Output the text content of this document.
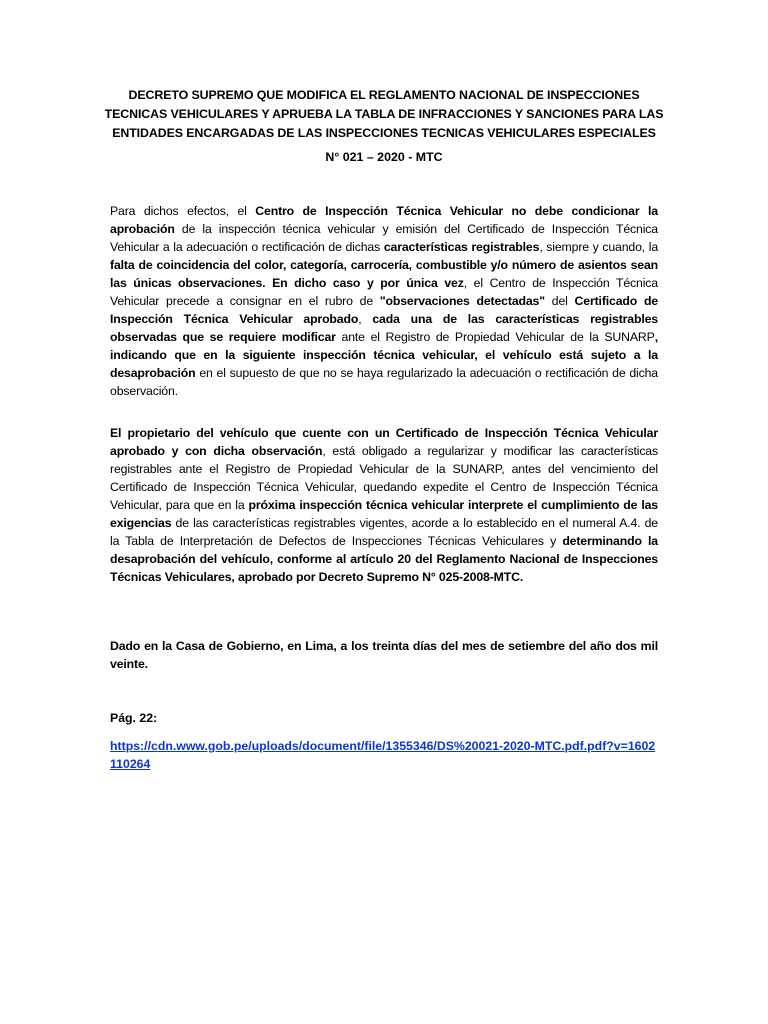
DECRETO SUPREMO QUE MODIFICA EL REGLAMENTO NACIONAL DE INSPECCIONES TECNICAS VEHICULARES Y APRUEBA LA TABLA DE INFRACCIONES Y SANCIONES PARA LAS ENTIDADES ENCARGADAS DE LAS INSPECCIONES TECNICAS VEHICULARES ESPECIALES
N° 021 – 2020 - MTC
Para dichos efectos, el Centro de Inspección Técnica Vehicular no debe condicionar la aprobación de la inspección técnica vehicular y emisión del Certificado de Inspección Técnica Vehicular a la adecuación o rectificación de dichas características registrables, siempre y cuando, la falta de coincidencia del color, categoría, carrocería, combustible y/o número de asientos sean las únicas observaciones. En dicho caso y por única vez, el Centro de Inspección Técnica Vehicular precede a consignar en el rubro de "observaciones detectadas" del Certificado de Inspección Técnica Vehicular aprobado, cada una de las características registrables observadas que se requiere modificar ante el Registro de Propiedad Vehicular de la SUNARP, indicando que en la siguiente inspección técnica vehicular, el vehículo está sujeto a la desaprobación en el supuesto de que no se haya regularizado la adecuación o rectificación de dicha observación.
El propietario del vehículo que cuente con un Certificado de Inspección Técnica Vehicular aprobado y con dicha observación, está obligado a regularizar y modificar las características registrables ante el Registro de Propiedad Vehicular de la SUNARP, antes del vencimiento del Certificado de Inspección Técnica Vehicular, quedando expedite el Centro de Inspección Técnica Vehicular, para que en la próxima inspección técnica vehicular interprete el cumplimiento de las exigencias de las características registrables vigentes, acorde a lo establecido en el numeral A.4. de la Tabla de Interpretación de Defectos de Inspecciones Técnicas Vehiculares y determinando la desaprobación del vehículo, conforme al artículo 20 del Reglamento Nacional de Inspecciones Técnicas Vehiculares, aprobado por Decreto Supremo N° 025-2008-MTC.
Dado en la Casa de Gobierno, en Lima, a los treinta días del mes de setiembre del año dos mil veinte.
Pág. 22:
https://cdn.www.gob.pe/uploads/document/file/1355346/DS%20021-2020-MTC.pdf.pdf?v=1602110264
